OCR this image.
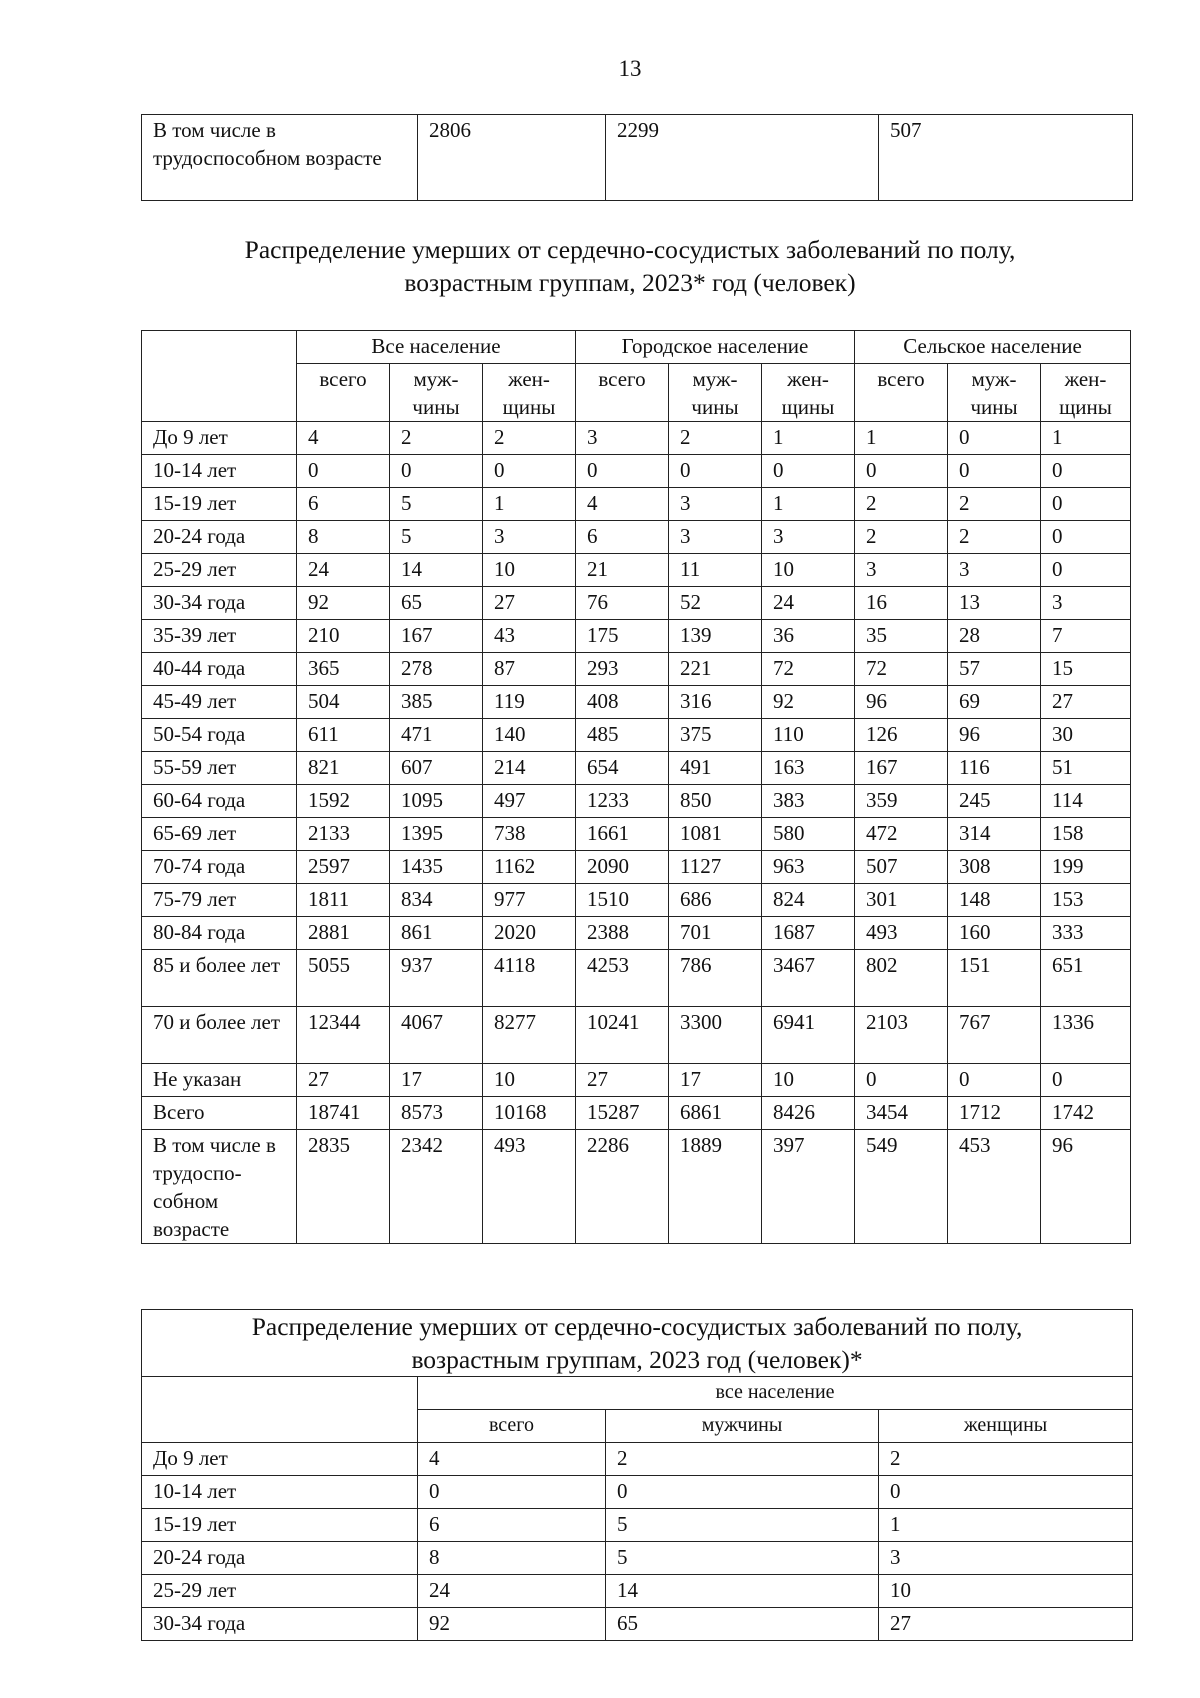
13
В том числе в трудоспособном возрасте	2806	2299	507
Распределение умерших от сердечно-сосудистых заболеваний по полу,
возрастным группам, 2023* год (человек)
	Все население			Городское население			Сельское население		
	всего	муж-чины	жен-щины	всего	муж-чины	жен-щины	всего	муж-чины	жен-щины
До 9 лет	4	2	2	3	2	1	1	0	1
10-14 лет	0	0	0	0	0	0	0	0	0
15-19 лет	6	5	1	4	3	1	2	2	0
20-24 года	8	5	3	6	3	3	2	2	0
25-29 лет	24	14	10	21	11	10	3	3	0
30-34 года	92	65	27	76	52	24	16	13	3
35-39 лет	210	167	43	175	139	36	35	28	7
40-44 года	365	278	87	293	221	72	72	57	15
45-49 лет	504	385	119	408	316	92	96	69	27
50-54 года	611	471	140	485	375	110	126	96	30
55-59 лет	821	607	214	654	491	163	167	116	51
60-64 года	1592	1095	497	1233	850	383	359	245	114
65-69 лет	2133	1395	738	1661	1081	580	472	314	158
70-74 года	2597	1435	1162	2090	1127	963	507	308	199
75-79 лет	1811	834	977	1510	686	824	301	148	153
80-84 года	2881	861	2020	2388	701	1687	493	160	333
85 и более лет	5055	937	4118	4253	786	3467	802	151	651
70 и более лет	12344	4067	8277	10241	3300	6941	2103	767	1336
Не указан	27	17	10	27	17	10	0	0	0
Всего	18741	8573	10168	15287	6861	8426	3454	1712	1742
В том числе в трудоспо-собном возрасте	2835	2342	493	2286	1889	397	549	453	96
Распределение умерших от сердечно-сосудистых заболеваний по полу,
возрастным группам, 2023 год (человек)*			

	все население		
	всего	мужчины	женщины
До 9 лет	4	2	2
10-14 лет	0	0	0
15-19 лет	6	5	1
20-24 года	8	5	3
25-29 лет	24	14	10
30-34 года	92	65	27
